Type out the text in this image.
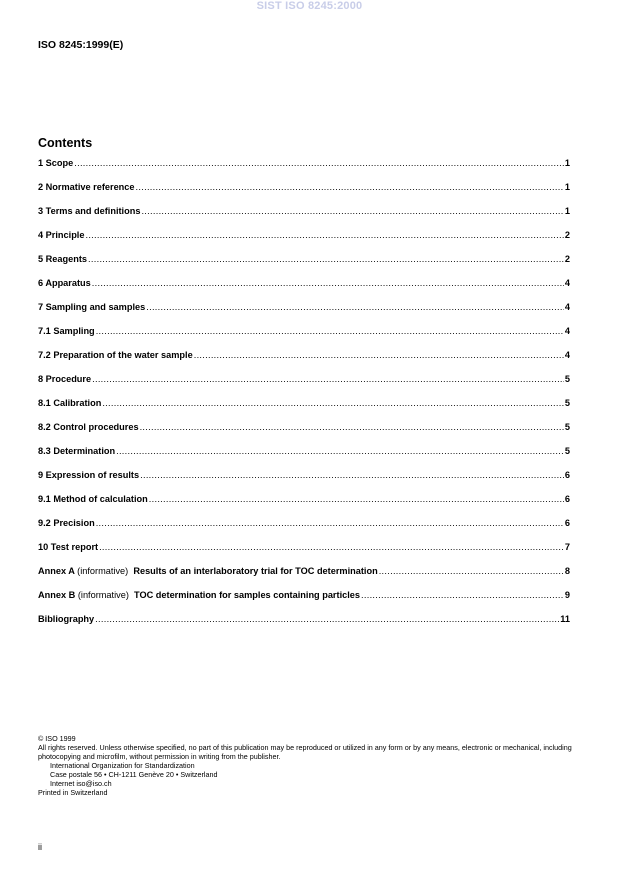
SIST ISO 8245:2000
ISO 8245:1999(E)
Contents
1 Scope .....	1
2 Normative reference .....	1
3 Terms and definitions .....	1
4 Principle .....	2
5 Reagents .....	2
6 Apparatus .....	4
7 Sampling and samples .....	4
7.1 Sampling .....	4
7.2 Preparation of the water sample .....	4
8 Procedure .....	5
8.1 Calibration .....	5
8.2 Control procedures .....	5
8.3 Determination .....	5
9 Expression of results .....	6
9.1 Method of calculation .....	6
9.2 Precision .....	6
10 Test report .....	7
Annex A (informative) Results of an interlaboratory trial for TOC determination .....	8
Annex B (informative) TOC determination for samples containing particles .....	9
Bibliography .....	11
© ISO 1999
All rights reserved. Unless otherwise specified, no part of this publication may be reproduced or utilized in any form or by any means, electronic or mechanical, including photocopying and microfilm, without permission in writing from the publisher.
International Organization for Standardization
Case postale 56 • CH-1211 Genève 20 • Switzerland
Internet iso@iso.ch
Printed in Switzerland
ii
